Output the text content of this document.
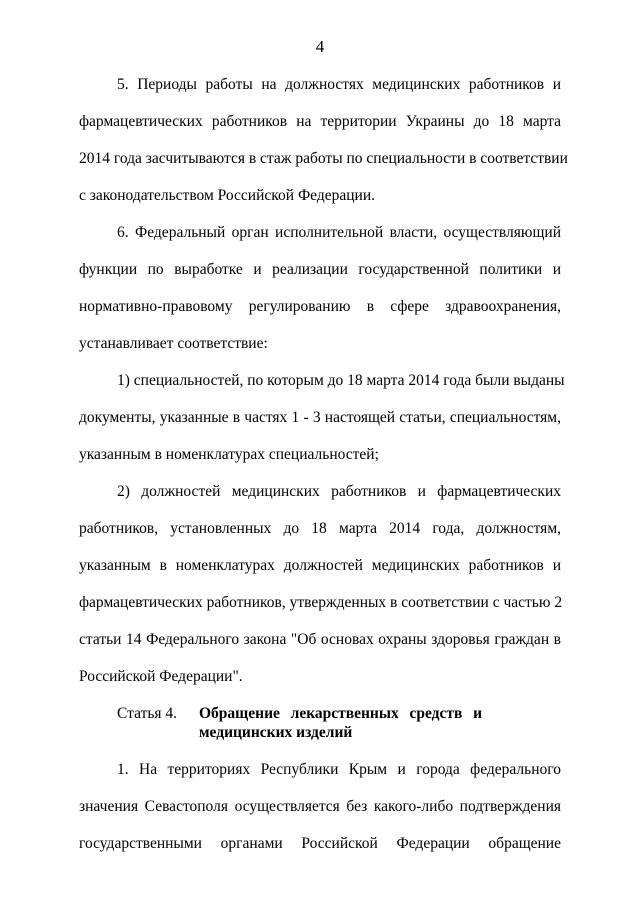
4
5. Периоды работы на должностях медицинских работников и
фармацевтических работников на территории Украины до 18 марта
2014 года засчитываются в стаж работы по специальности в соответствии
с законодательством Российской Федерации.
6. Федеральный орган исполнительной власти, осуществляющий
функции по выработке и реализации государственной политики и
нормативно-правовому регулированию в сфере здравоохранения,
устанавливает соответствие:
1) специальностей, по которым до 18 марта 2014 года были выданы
документы, указанные в частях 1 - 3 настоящей статьи, специальностям,
указанным в номенклатурах специальностей;
2) должностей медицинских работников и фармацевтических
работников, установленных до 18 марта 2014 года, должностям,
указанным в номенклатурах должностей медицинских работников и
фармацевтических работников, утвержденных в соответствии с частью 2
статьи 14 Федерального закона "Об основах охраны здоровья граждан в
Российской Федерации".
Статья 4. Обращение лекарственных средств и
медицинских изделий
1. На территориях Республики Крым и города федерального
значения Севастополя осуществляется без какого-либо подтверждения
государственными органами Российской Федерации обращение
